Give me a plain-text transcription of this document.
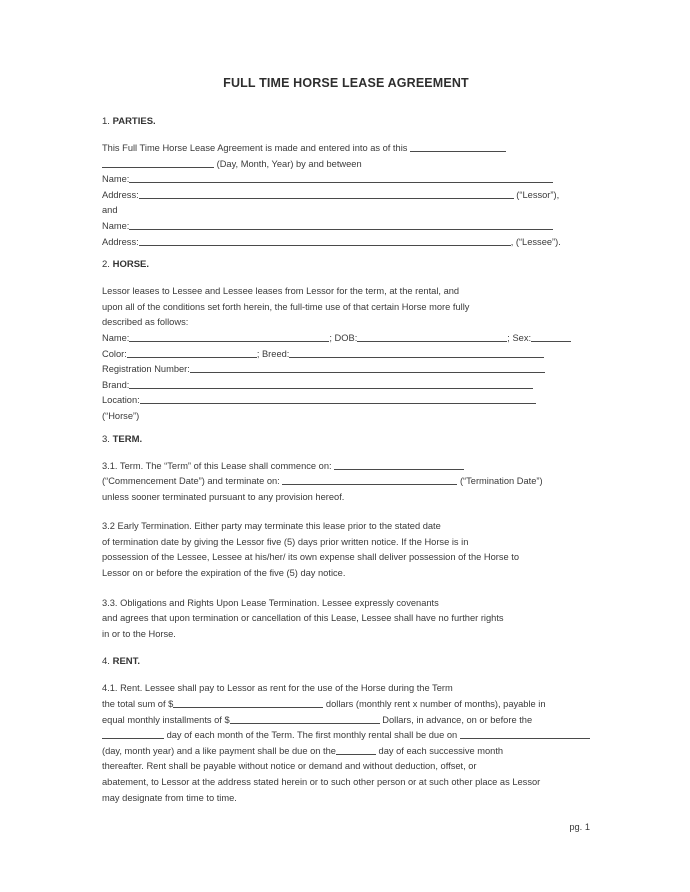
FULL TIME HORSE LEASE AGREEMENT
1. PARTIES.
This Full Time Horse Lease Agreement is made and entered into as of this
(Day, Month, Year) by and between
Name:
Address:	(“Lessor”),
and
Name:
Address:	, (“Lessee”).
2. HORSE.
Lessor leases to Lessee and Lessee leases from Lessor for the term, at the rental, and
upon all of the conditions set forth herein, the full-time use of that certain Horse more fully
described as follows:
Name:	; DOB:	; Sex:
Color:	; Breed:
Registration Number:
Brand:
Location:
(“Horse”)
3. TERM.
3.1. Term. The “Term” of this Lease shall commence on:
(“Commencement Date”) and terminate on:	(“Termination Date”)
unless sooner terminated pursuant to any provision hereof.
3.2 Early Termination. Either party may terminate this lease prior to the stated date
of termination date by giving the Lessor five (5) days prior written notice. If the Horse is in
possession of the Lessee, Lessee at his/her/ its own expense shall deliver possession of the Horse to
Lessor on or before the expiration of the five (5) day notice.
3.3. Obligations and Rights Upon Lease Termination. Lessee expressly covenants
and agrees that upon termination or cancellation of this Lease, Lessee shall have no further rights
in or to the Horse.
4. RENT.
4.1. Rent. Lessee shall pay to Lessor as rent for the use of the Horse during the Term
the total sum of $	dollars (monthly rent x number of months), payable in
equal monthly installments of $	Dollars, in advance, on or before the
day of each month of the Term. The first monthly rental shall be due on
(day, month year) and a like payment shall be due on the	day of each successive month
thereafter. Rent shall be payable without notice or demand and without deduction, offset, or
abatement, to Lessor at the address stated herein or to such other person or at such other place as Lessor
may designate from time to time.
pg. 1
